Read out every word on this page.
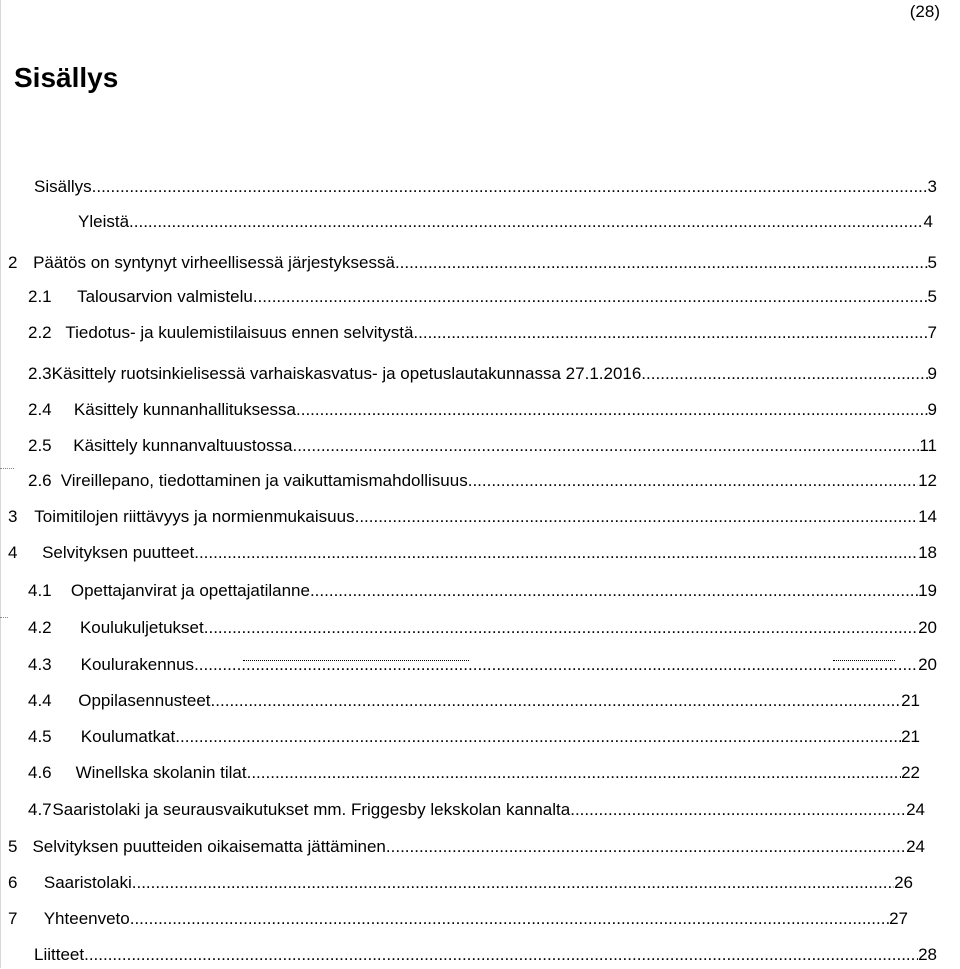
(28)
Sisällys
Sisällys .....	3
Yleistä .....	4
2 Päätös on syntynyt virheellisessä järjestyksessä .....	5
2.1	Talousarvion valmistelu .....	5
2.2 Tiedotus- ja kuulemistilaisuus ennen selvitystä .....	7
2.3 Käsittely ruotsinkielisessä varhaiskasvatus- ja opetuslautakunnassa 27.1.2016. .....	9
2.4	Käsittely kunnanhallituksessa .....	9
2.5	Käsittely kunnanvaltuustossa. .....	11
2.6 Vireillepano, tiedottaminen ja vaikuttamismahdollisuus .....	12
3 Toimitilojen riittävyys ja normienmukaisuus. .....	14
4	Selvityksen puutteet .....	18
4.1	Opettajanvirat ja opettajatilanne.... .....	19
4.2	Koulukuljetukset .....	20
4.3	Koulurakennus .....	20
4.4	Oppilasennusteet .....	21
4.5	Koulumatkat .....	21
4.6	Winellska skolanin tilat .....	22
4.7 Saaristolaki ja seurausvaikutukset mm. Friggesby lekskolan kannalta .....	24
5 Selvityksen puutteiden oikaisematta jättäminen .....	24
6	Saaristolaki .....	26
7	Yhteenveto .....	27
Liitteet .....	28
